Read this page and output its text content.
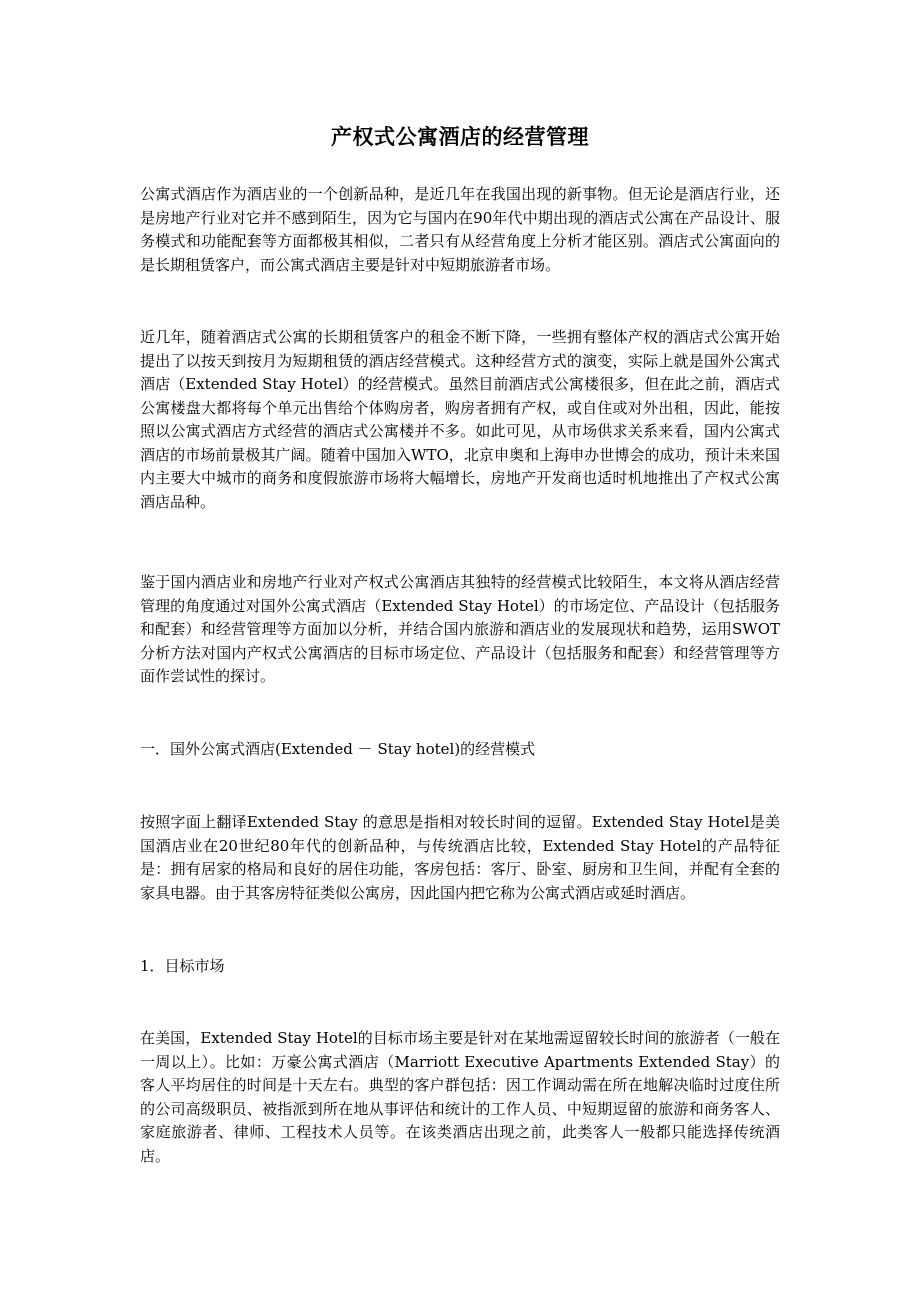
产权式公寓酒店的经营管理

公寓式酒店作为酒店业的一个创新品种，是近几年在我国出现的新事物。但无论是酒店行业，还是房地产行业对它并不感到陌生，因为它与国内在90年代中期出现的酒店式公寓在产品设计、服务模式和功能配套等方面都极其相似，二者只有从经营角度上分析才能区别。酒店式公寓面向的是长期租赁客户，而公寓式酒店主要是针对中短期旅游者市场。

近几年，随着酒店式公寓的长期租赁客户的租金不断下降，一些拥有整体产权的酒店式公寓开始提出了以按天到按月为短期租赁的酒店经营模式。这种经营方式的演变，实际上就是国外公寓式酒店（Extended Stay Hotel）的经营模式。虽然目前酒店式公寓楼很多，但在此之前，酒店式公寓楼盘大都将每个单元出售给个体购房者，购房者拥有产权，或自住或对外出租，因此，能按照以公寓式酒店方式经营的酒店式公寓楼并不多。如此可见，从市场供求关系来看，国内公寓式酒店的市场前景极其广阔。随着中国加入WTO，北京申奥和上海申办世博会的成功，预计未来国内主要大中城市的商务和度假旅游市场将大幅增长，房地产开发商也适时机地推出了产权式公寓酒店品种。

鉴于国内酒店业和房地产行业对产权式公寓酒店其独特的经营模式比较陌生，本文将从酒店经营管理的角度通过对国外公寓式酒店（Extended Stay Hotel）的市场定位、产品设计（包括服务和配套）和经营管理等方面加以分析，并结合国内旅游和酒店业的发展现状和趋势，运用SWOT分析方法对国内产权式公寓酒店的目标市场定位、产品设计（包括服务和配套）和经营管理等方面作尝试性的探讨。

一．国外公寓式酒店(Extended － Stay hotel)的经营模式

按照字面上翻译Extended Stay 的意思是指相对较长时间的逗留。Extended Stay Hotel是美国酒店业在20世纪80年代的创新品种，与传统酒店比较，Extended Stay Hotel的产品特征是：拥有居家的格局和良好的居住功能，客房包括：客厅、卧室、厨房和卫生间，并配有全套的家具电器。由于其客房特征类似公寓房，因此国内把它称为公寓式酒店或延时酒店。

1．目标市场

在美国，Extended Stay Hotel的目标市场主要是针对在某地需逗留较长时间的旅游者（一般在一周以上）。比如：万豪公寓式酒店（Marriott Executive Apartments Extended Stay）的客人平均居住的时间是十天左右。典型的客户群包括：因工作调动需在所在地解决临时过度住所的公司高级职员、被指派到所在地从事评估和统计的工作人员、中短期逗留的旅游和商务客人、家庭旅游者、律师、工程技术人员等。在该类酒店出现之前，此类客人一般都只能选择传统酒店。
